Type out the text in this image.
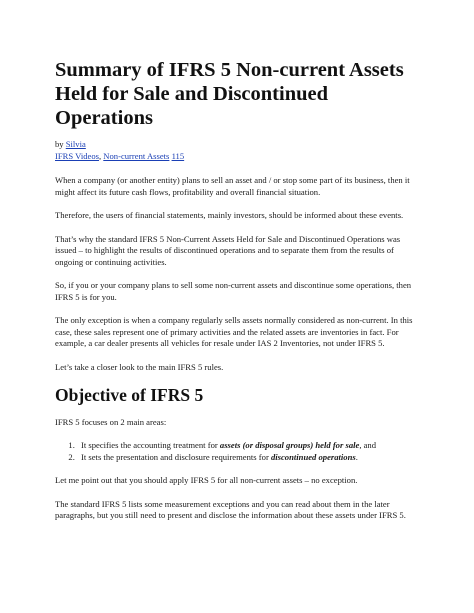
Summary of IFRS 5 Non-current Assets Held for Sale and Discontinued Operations
by Silvia
IFRS Videos, Non-current Assets 115

When a company (or another entity) plans to sell an asset and / or stop some part of its business, then it might affect its future cash flows, profitability and overall financial situation.

Therefore, the users of financial statements, mainly investors, should be informed about these events.

That’s why the standard IFRS 5 Non-Current Assets Held for Sale and Discontinued Operations was issued – to highlight the results of discontinued operations and to separate them from the results of ongoing or continuing activities.

So, if you or your company plans to sell some non-current assets and discontinue some operations, then IFRS 5 is for you.

The only exception is when a company regularly sells assets normally considered as non-current. In this case, these sales represent one of primary activities and the related assets are inventories in fact. For example, a car dealer presents all vehicles for resale under IAS 2 Inventories, not under IFRS 5.

Let’s take a closer look to the main IFRS 5 rules.

Objective of IFRS 5

IFRS 5 focuses on 2 main areas:

1. It specifies the accounting treatment for assets (or disposal groups) held for sale, and
2. It sets the presentation and disclosure requirements for discontinued operations.

Let me point out that you should apply IFRS 5 for all non-current assets – no exception.

The standard IFRS 5 lists some measurement exceptions and you can read about them in the later paragraphs, but you still need to present and disclose the information about these assets under IFRS 5.
